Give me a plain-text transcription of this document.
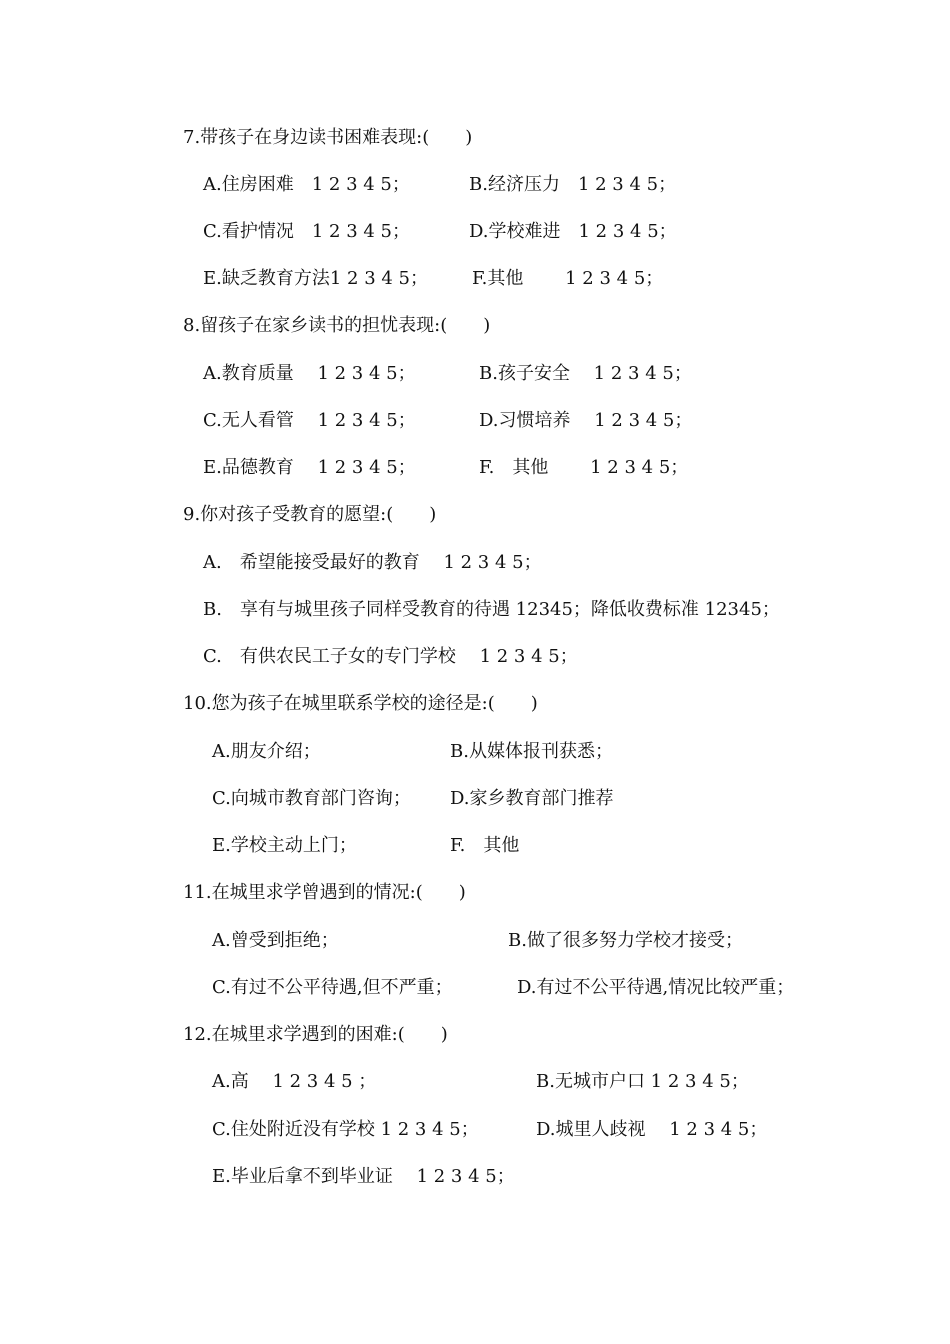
7.带孩子在身边读书困难表现:(　　)
A.住房困难　1 2 3 4 5；	B.经济压力　1 2 3 4 5；
C.看护情况　1 2 3 4 5；	D.学校难进　1 2 3 4 5；
E.缺乏教育方法1 2 3 4 5； F.其他　　 1 2 3 4 5；
8.留孩子在家乡读书的担忧表现:(　　)
A.教育质量　 1 2 3 4 5；	B.孩子安全　 1 2 3 4 5；
C.无人看管　 1 2 3 4 5；	D.习惯培养　 1 2 3 4 5；
E.品德教育　 1 2 3 4 5；	F.　其他　　 1 2 3 4 5；
9.你对孩子受教育的愿望:(　　)
A.　希望能接受最好的教育　 1 2 3 4 5；
B.　享有与城里孩子同样受教育的待遇 12345；降低收费标准 12345；
C.　有供农民工子女的专门学校　 1 2 3 4 5；
10.您为孩子在城里联系学校的途径是:(　　)
A.朋友介绍；	B.从媒体报刊获悉；
C.向城市教育部门咨询； D.家乡教育部门推荐
E.学校主动上门；	F.　其他
11.在城里求学曾遇到的情况:(　　)
A.曾受到拒绝；	B.做了很多努力学校才接受；
C.有过不公平待遇,但不严重；	D.有过不公平待遇,情况比较严重；
12.在城里求学遇到的困难:(　　)
A.高　 1 2 3 4 5 ；	B.无城市户口 1 2 3 4 5；
C.住处附近没有学校 1 2 3 4 5；	D.城里人歧视　 1 2 3 4 5；
E.毕业后拿不到毕业证　 1 2 3 4 5；
